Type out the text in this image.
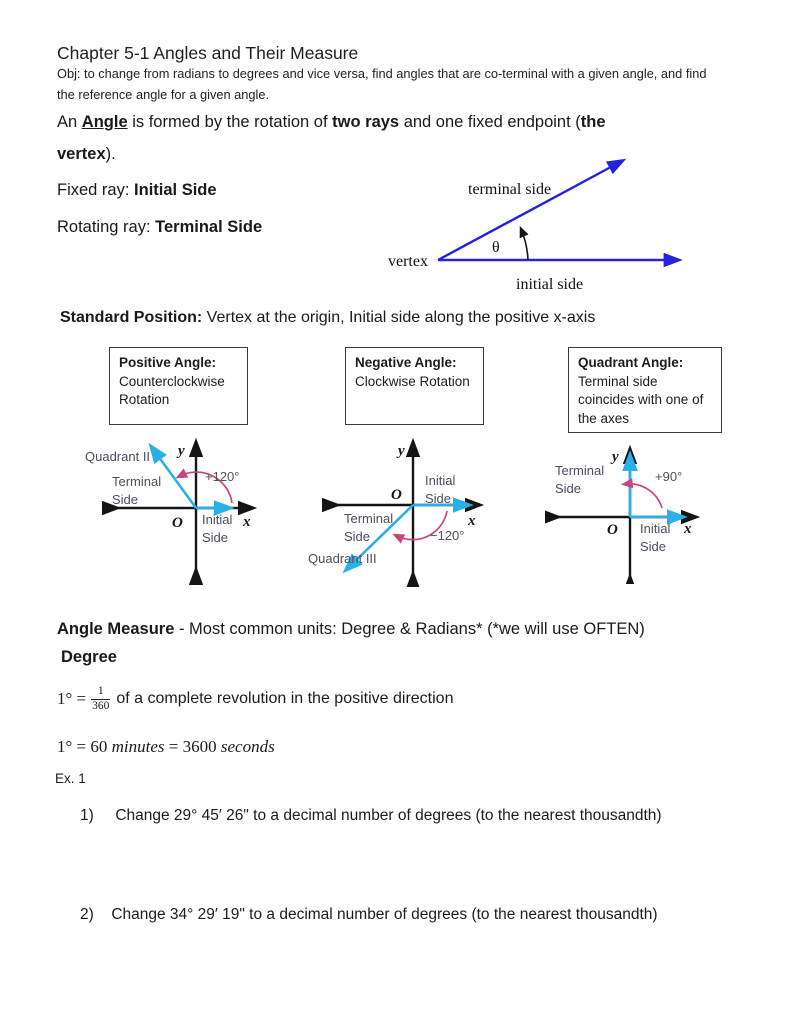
Chapter 5-1 Angles and Their Measure
Obj: to change from radians to degrees and vice versa, find angles that are co-terminal with a given angle, and find
the reference angle for a given angle.
An Angle is formed by the rotation of two rays and one fixed endpoint (the
vertex).
Fixed ray: Initial Side
Rotating ray: Terminal Side
terminal side
vertex
initial side
θ
Standard Position: Vertex at the origin, Initial side along the positive x-axis
Positive Angle:
Counterclockwise
Rotation
Negative Angle:
Clockwise Rotation
Quadrant Angle:
Terminal side
coincides with one of
the axes
Quadrant II y
Terminal
Side
+120°
O Initial
Side
x
y
O
Initial
Side
x
Terminal
Side	−120°
Quadrant III
y
Terminal
Side
+90°
O Initial
Side
x
Angle Measure - Most common units: Degree & Radians* (*we will use OFTEN)
Degree
$1^\circ = \frac{1}{360}$ of a complete revolution in the positive direction
1° = 60 minutes = 3600 seconds
Ex. 1
1) Change 29° 45′ 26" to a decimal number of degrees (to the nearest thousandth)
2) Change 34° 29′ 19" to a decimal number of degrees (to the nearest thousandth)
